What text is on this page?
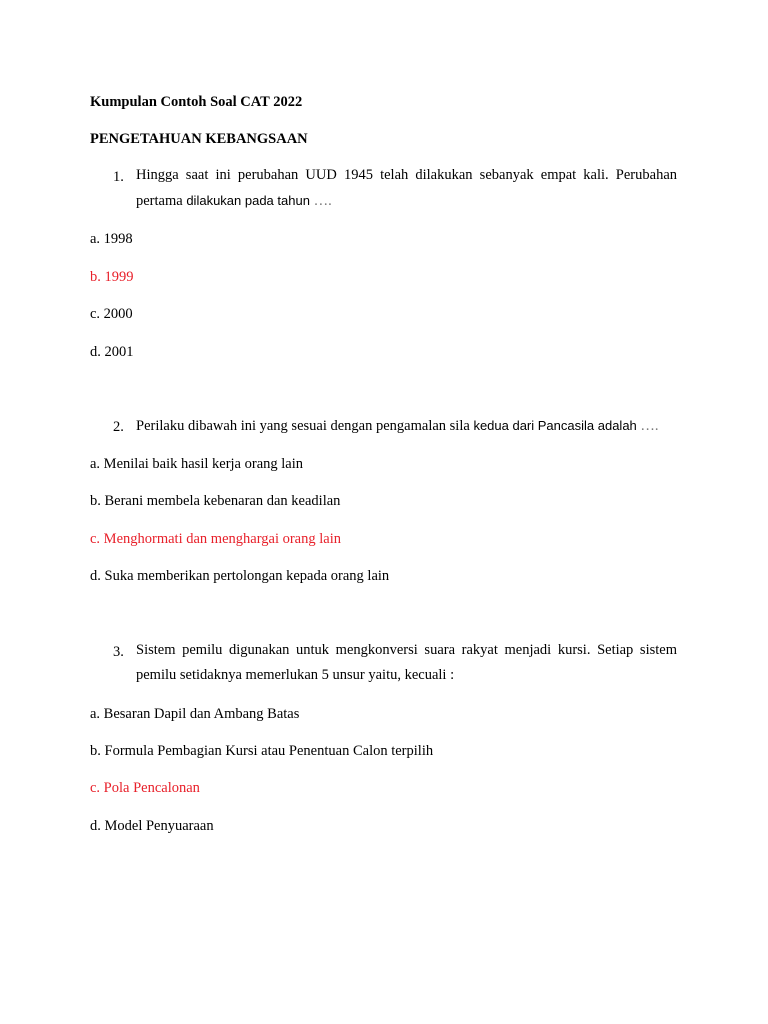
Kumpulan Contoh Soal CAT 2022
PENGETAHUAN KEBANGSAAN
1. Hingga saat ini perubahan UUD 1945 telah dilakukan sebanyak empat kali. Perubahan pertama dilakukan pada tahun ….
a. 1998
b. 1999
c. 2000
d. 2001
2. Perilaku dibawah ini yang sesuai dengan pengamalan sila kedua dari Pancasila adalah ….
a. Menilai baik hasil kerja orang lain
b. Berani membela kebenaran dan keadilan
c. Menghormati dan menghargai orang lain
d. Suka memberikan pertolongan kepada orang lain
3. Sistem pemilu digunakan untuk mengkonversi suara rakyat menjadi kursi. Setiap sistem pemilu setidaknya memerlukan 5 unsur yaitu, kecuali :
a. Besaran Dapil dan Ambang Batas
b. Formula Pembagian Kursi atau Penentuan Calon terpilih
c. Pola Pencalonan
d. Model Penyuaraan
